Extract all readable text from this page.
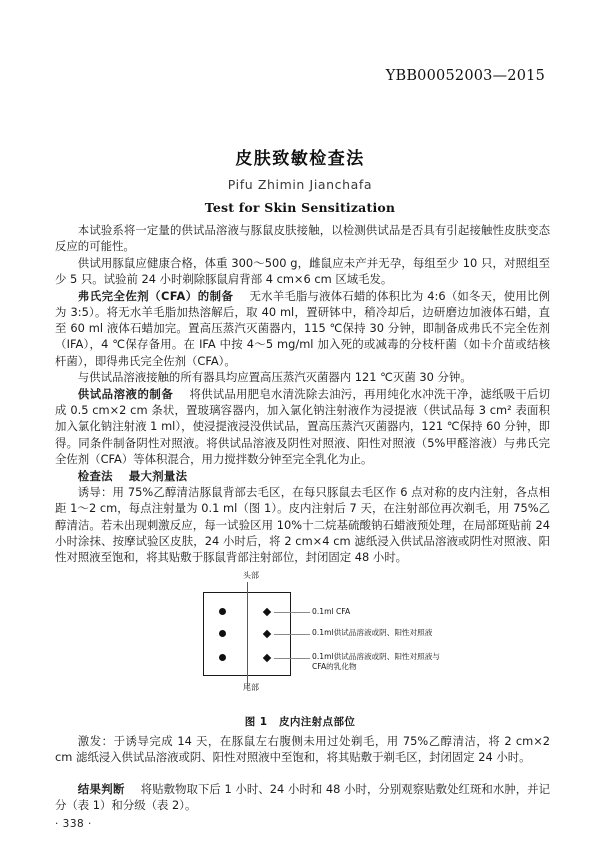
YBB00052003—2015
皮肤致敏检查法
Pifu Zhimin Jianchafa
Test for Skin Sensitization

本试验系将一定量的供试品溶液与豚鼠皮肤接触，以检测供试品是否具有引起接触性皮肤变态反应的可能性。

供试用豚鼠应健康合格，体重 300～500 g，雌鼠应未产并无孕，每组至少 10 只，对照组至少 5 只。试验前 24 小时剃除豚鼠肩背部 4 cm×6 cm 区域毛发。

弗氏完全佐剂（CFA）的制备 无水羊毛脂与液体石蜡的体积比为 4:6（如冬天，使用比例为 3:5）。将无水羊毛脂加热溶解后，取 40 ml，置研钵中，稍冷却后，边研磨边加液体石蜡，直至 60 ml 液体石蜡加完。置高压蒸汽灭菌器内，115 ℃保持 30 分钟，即制备成弗氏不完全佐剂（IFA），4 ℃保存备用。在 IFA 中按 4～5 mg/ml 加入死的或减毒的分枝杆菌（如卡介苗或结核杆菌），即得弗氏完全佐剂（CFA）。

与供试品溶液接触的所有器具均应置高压蒸汽灭菌器内 121 ℃灭菌 30 分钟。

供试品溶液的制备 将供试品用肥皂水清洗除去油污，再用纯化水冲洗干净，滤纸吸干后切成 0.5 cm×2 cm 条状，置玻璃容器内，加入氯化钠注射液作为浸提液（供试品每 3 cm² 表面积加入氯化钠注射液 1 ml），使浸提液浸没供试品，置高压蒸汽灭菌器内，121 ℃保持 60 分钟，即得。同条件制备阴性对照液。将供试品溶液及阴性对照液、阳性对照液（5%甲醛溶液）与弗氏完全佐剂（CFA）等体积混合，用力搅拌数分钟至完全乳化为止。

检查法 最大剂量法

诱导：用 75%乙醇清洁豚鼠背部去毛区，在每只豚鼠去毛区作 6 点对称的皮内注射，各点相距 1～2 cm，每点注射量为 0.1 ml（图 1）。皮内注射后 7 天，在注射部位再次剃毛，用 75%乙醇清洁。若未出现刺激反应，每一试验区用 10%十二烷基硫酸钠石蜡液预处理，在局部斑贴前 24 小时涂抹、按摩试验区皮肤，24 小时后，将 2 cm×4 cm 滤纸浸入供试品溶液或阴性对照液、阳性对照液至饱和，将其贴敷于豚鼠背部注射部位，封闭固定 48 小时。

头部
0.1ml CFA
0.1ml供试品溶液或阴、阳性对照液
0.1ml供试品溶液或阴、阳性对照液与CFA的乳化物
尾部
图 1 皮内注射点部位

激发：于诱导完成 14 天，在豚鼠左右腹侧未用过处剃毛，用 75%乙醇清洁，将 2 cm×2 cm 滤纸浸入供试品溶液或阴、阳性对照液中至饱和，将其贴敷于剃毛区，封闭固定 24 小时。

结果判断 将贴敷物取下后 1 小时、24 小时和 48 小时，分别观察贴敷处红斑和水肿，并记分（表 1）和分级（表 2）。

· 338 ·
